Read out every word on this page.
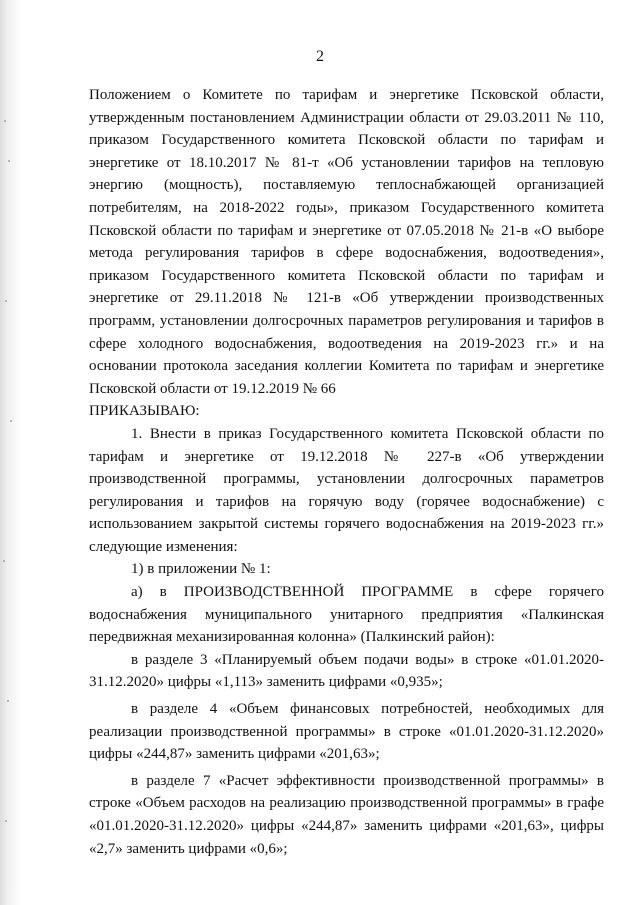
2

Положением о Комитете по тарифам и энергетике Псковской области, утвержденным постановлением Администрации области от 29.03.2011 № 110, приказом Государственного комитета Псковской области по тарифам и энергетике от 18.10.2017 № 81-т «Об установлении тарифов на тепловую энергию (мощность), поставляемую теплоснабжающей организацией потребителям, на 2018-2022 годы», приказом Государственного комитета Псковской области по тарифам и энергетике от 07.05.2018 № 21-в «О выборе метода регулирования тарифов в сфере водоснабжения, водоотведения», приказом Государственного комитета Псковской области по тарифам и энергетике от 29.11.2018 № 121-в «Об утверждении производственных программ, установлении долгосрочных параметров регулирования и тарифов в сфере холодного водоснабжения, водоотведения на 2019-2023 гг.» и на основании протокола заседания коллегии Комитета по тарифам и энергетике Псковской области от 19.12.2019 № 66

ПРИКАЗЫВАЮ:

1. Внести в приказ Государственного комитета Псковской области по тарифам и энергетике от 19.12.2018 № 227-в «Об утверждении производственной программы, установлении долгосрочных параметров регулирования и тарифов на горячую воду (горячее водоснабжение) с использованием закрытой системы горячего водоснабжения на 2019-2023 гг.» следующие изменения:

1) в приложении № 1:

а) в ПРОИЗВОДСТВЕННОЙ ПРОГРАММЕ в сфере горячего водоснабжения муниципального унитарного предприятия «Палкинская передвижная механизированная колонна» (Палкинский район):

в разделе 3 «Планируемый объем подачи воды» в строке «01.01.2020-31.12.2020» цифры «1,113» заменить цифрами «0,935»;

в разделе 4 «Объем финансовых потребностей, необходимых для реализации производственной программы» в строке «01.01.2020-31.12.2020» цифры «244,87» заменить цифрами «201,63»;

в разделе 7 «Расчет эффективности производственной программы» в строке «Объем расходов на реализацию производственной программы» в графе «01.01.2020-31.12.2020» цифры «244,87» заменить цифрами «201,63», цифры «2,7» заменить цифрами «0,6»;
